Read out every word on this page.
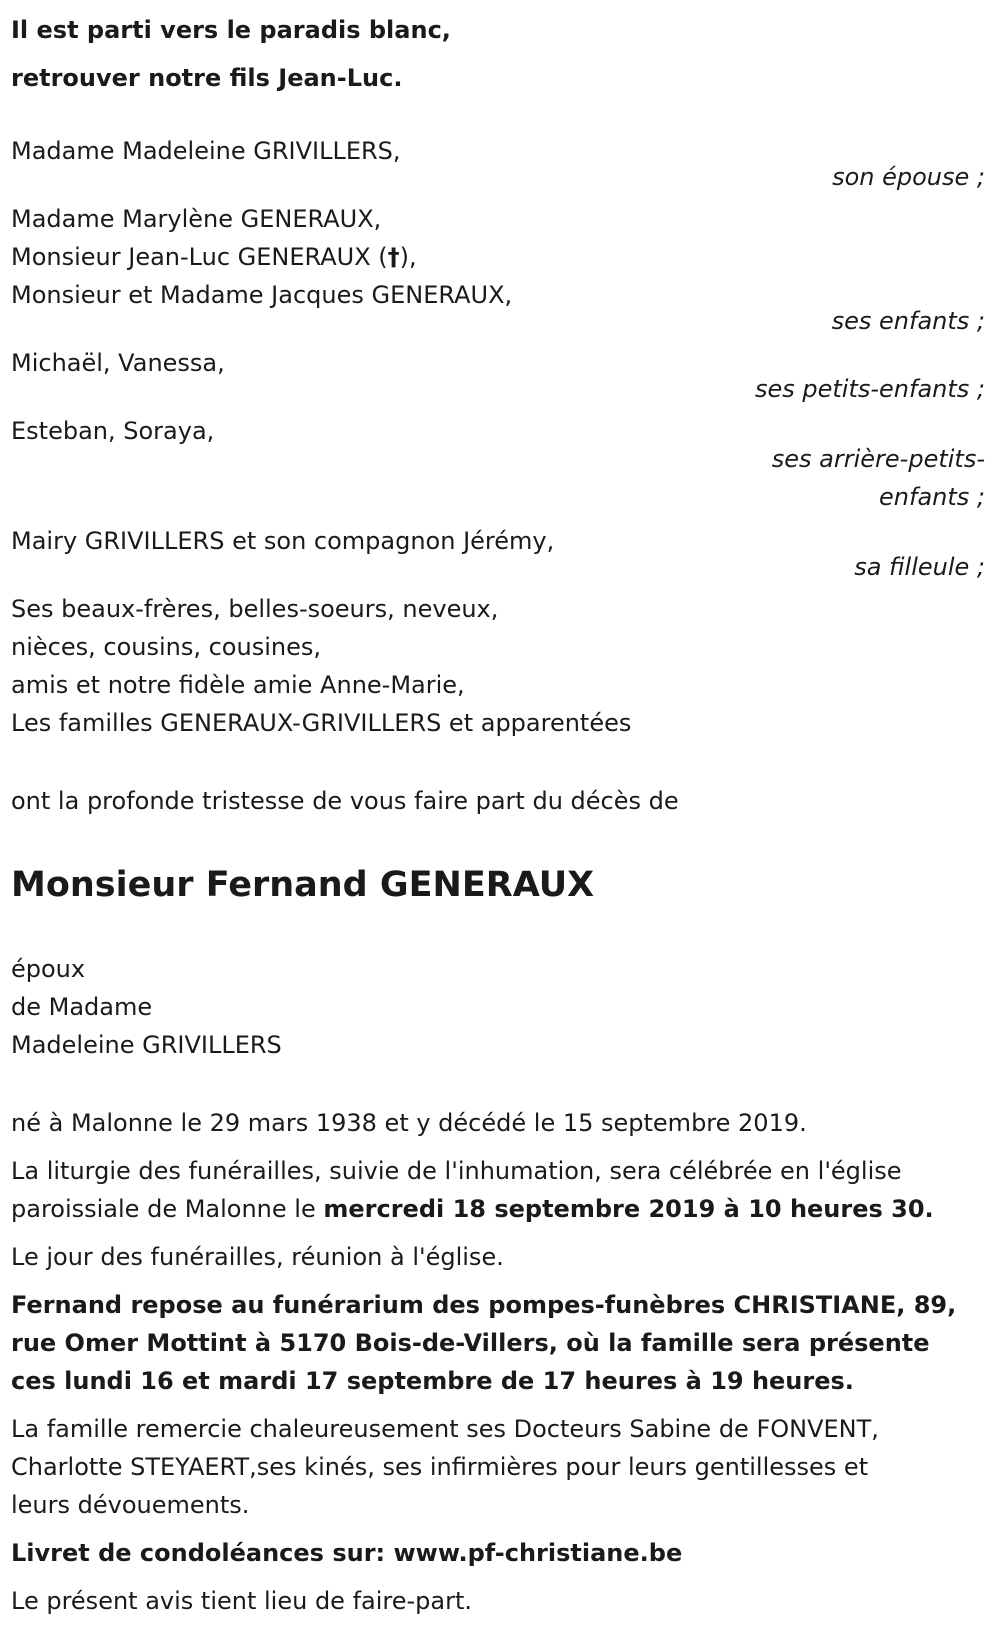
Il est parti vers le paradis blanc,

retrouver notre fils Jean-Luc.

Madame Madeleine GRIVILLERS,

son épouse ;

Madame Marylène GENERAUX,

Monsieur Jean-Luc GENERAUX (†),

Monsieur et Madame Jacques GENERAUX,

ses enfants ;

Michaël, Vanessa,

ses petits-enfants ;

Esteban, Soraya,

ses arrière-petits-
enfants ;

Mairy GRIVILLERS et son compagnon Jérémy,

sa filleule ;

Ses beaux-frères, belles-soeurs, neveux,

nièces, cousins, cousines,

amis et notre fidèle amie Anne-Marie,

Les familles GENERAUX-GRIVILLERS et apparentées

ont la profonde tristesse de vous faire part du décès de

Monsieur Fernand GENERAUX

époux

de Madame

Madeleine GRIVILLERS

né à Malonne le 29 mars 1938 et y décédé le 15 septembre 2019.

La liturgie des funérailles, suivie de l'inhumation, sera célébrée en l'église

paroissiale de Malonne le mercredi 18 septembre 2019 à 10 heures 30.

Le jour des funérailles, réunion à l'église.

Fernand repose au funérarium des pompes-funèbres CHRISTIANE, 89,

rue Omer Mottint à 5170 Bois-de-Villers, où la famille sera présente

ces lundi 16 et mardi 17 septembre de 17 heures à 19 heures.

La famille remercie chaleureusement ses Docteurs Sabine de FONVENT,

Charlotte STEYAERT,ses kinés, ses infirmières pour leurs gentillesses et

leurs dévouements.

Livret de condoléances sur: www.pf-christiane.be

Le présent avis tient lieu de faire-part.
